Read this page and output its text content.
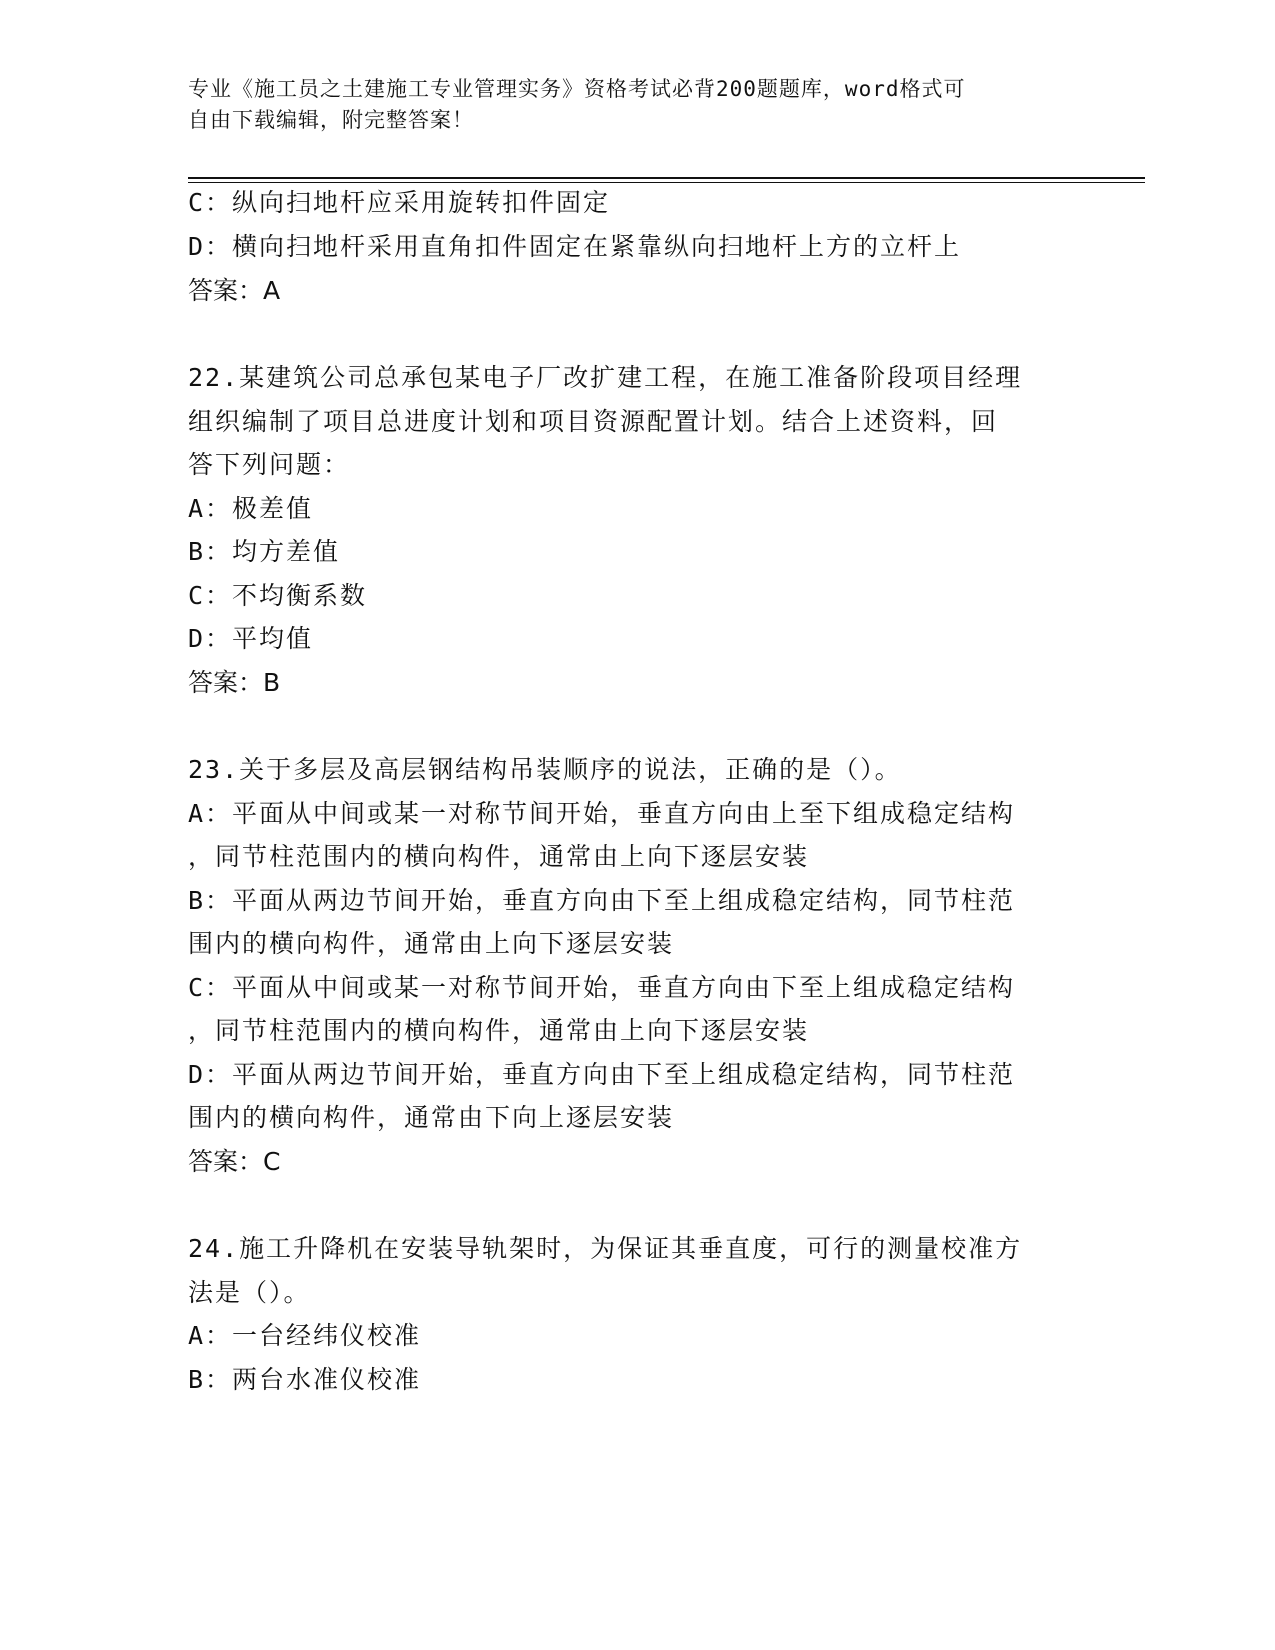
专业《施工员之土建施工专业管理实务》资格考试必背200题题库，word格式可
自由下载编辑，附完整答案！
C：纵向扫地杆应采用旋转扣件固定
D：横向扫地杆采用直角扣件固定在紧靠纵向扫地杆上方的立杆上
答案：A
22.某建筑公司总承包某电子厂改扩建工程，在施工准备阶段项目经理
组织编制了项目总进度计划和项目资源配置计划。结合上述资料，回
答下列问题：
A：极差值
B：均方差值
C：不均衡系数
D：平均值
答案：B
23.关于多层及高层钢结构吊装顺序的说法，正确的是（）。
A：平面从中间或某一对称节间开始，垂直方向由上至下组成稳定结构
，同节柱范围内的横向构件，通常由上向下逐层安装
B：平面从两边节间开始，垂直方向由下至上组成稳定结构，同节柱范
围内的横向构件，通常由上向下逐层安装
C：平面从中间或某一对称节间开始，垂直方向由下至上组成稳定结构
，同节柱范围内的横向构件，通常由上向下逐层安装
D：平面从两边节间开始，垂直方向由下至上组成稳定结构，同节柱范
围内的横向构件，通常由下向上逐层安装
答案：C
24.施工升降机在安装导轨架时，为保证其垂直度，可行的测量校准方
法是（）。
A：一台经纬仪校准
B：两台水准仪校准
